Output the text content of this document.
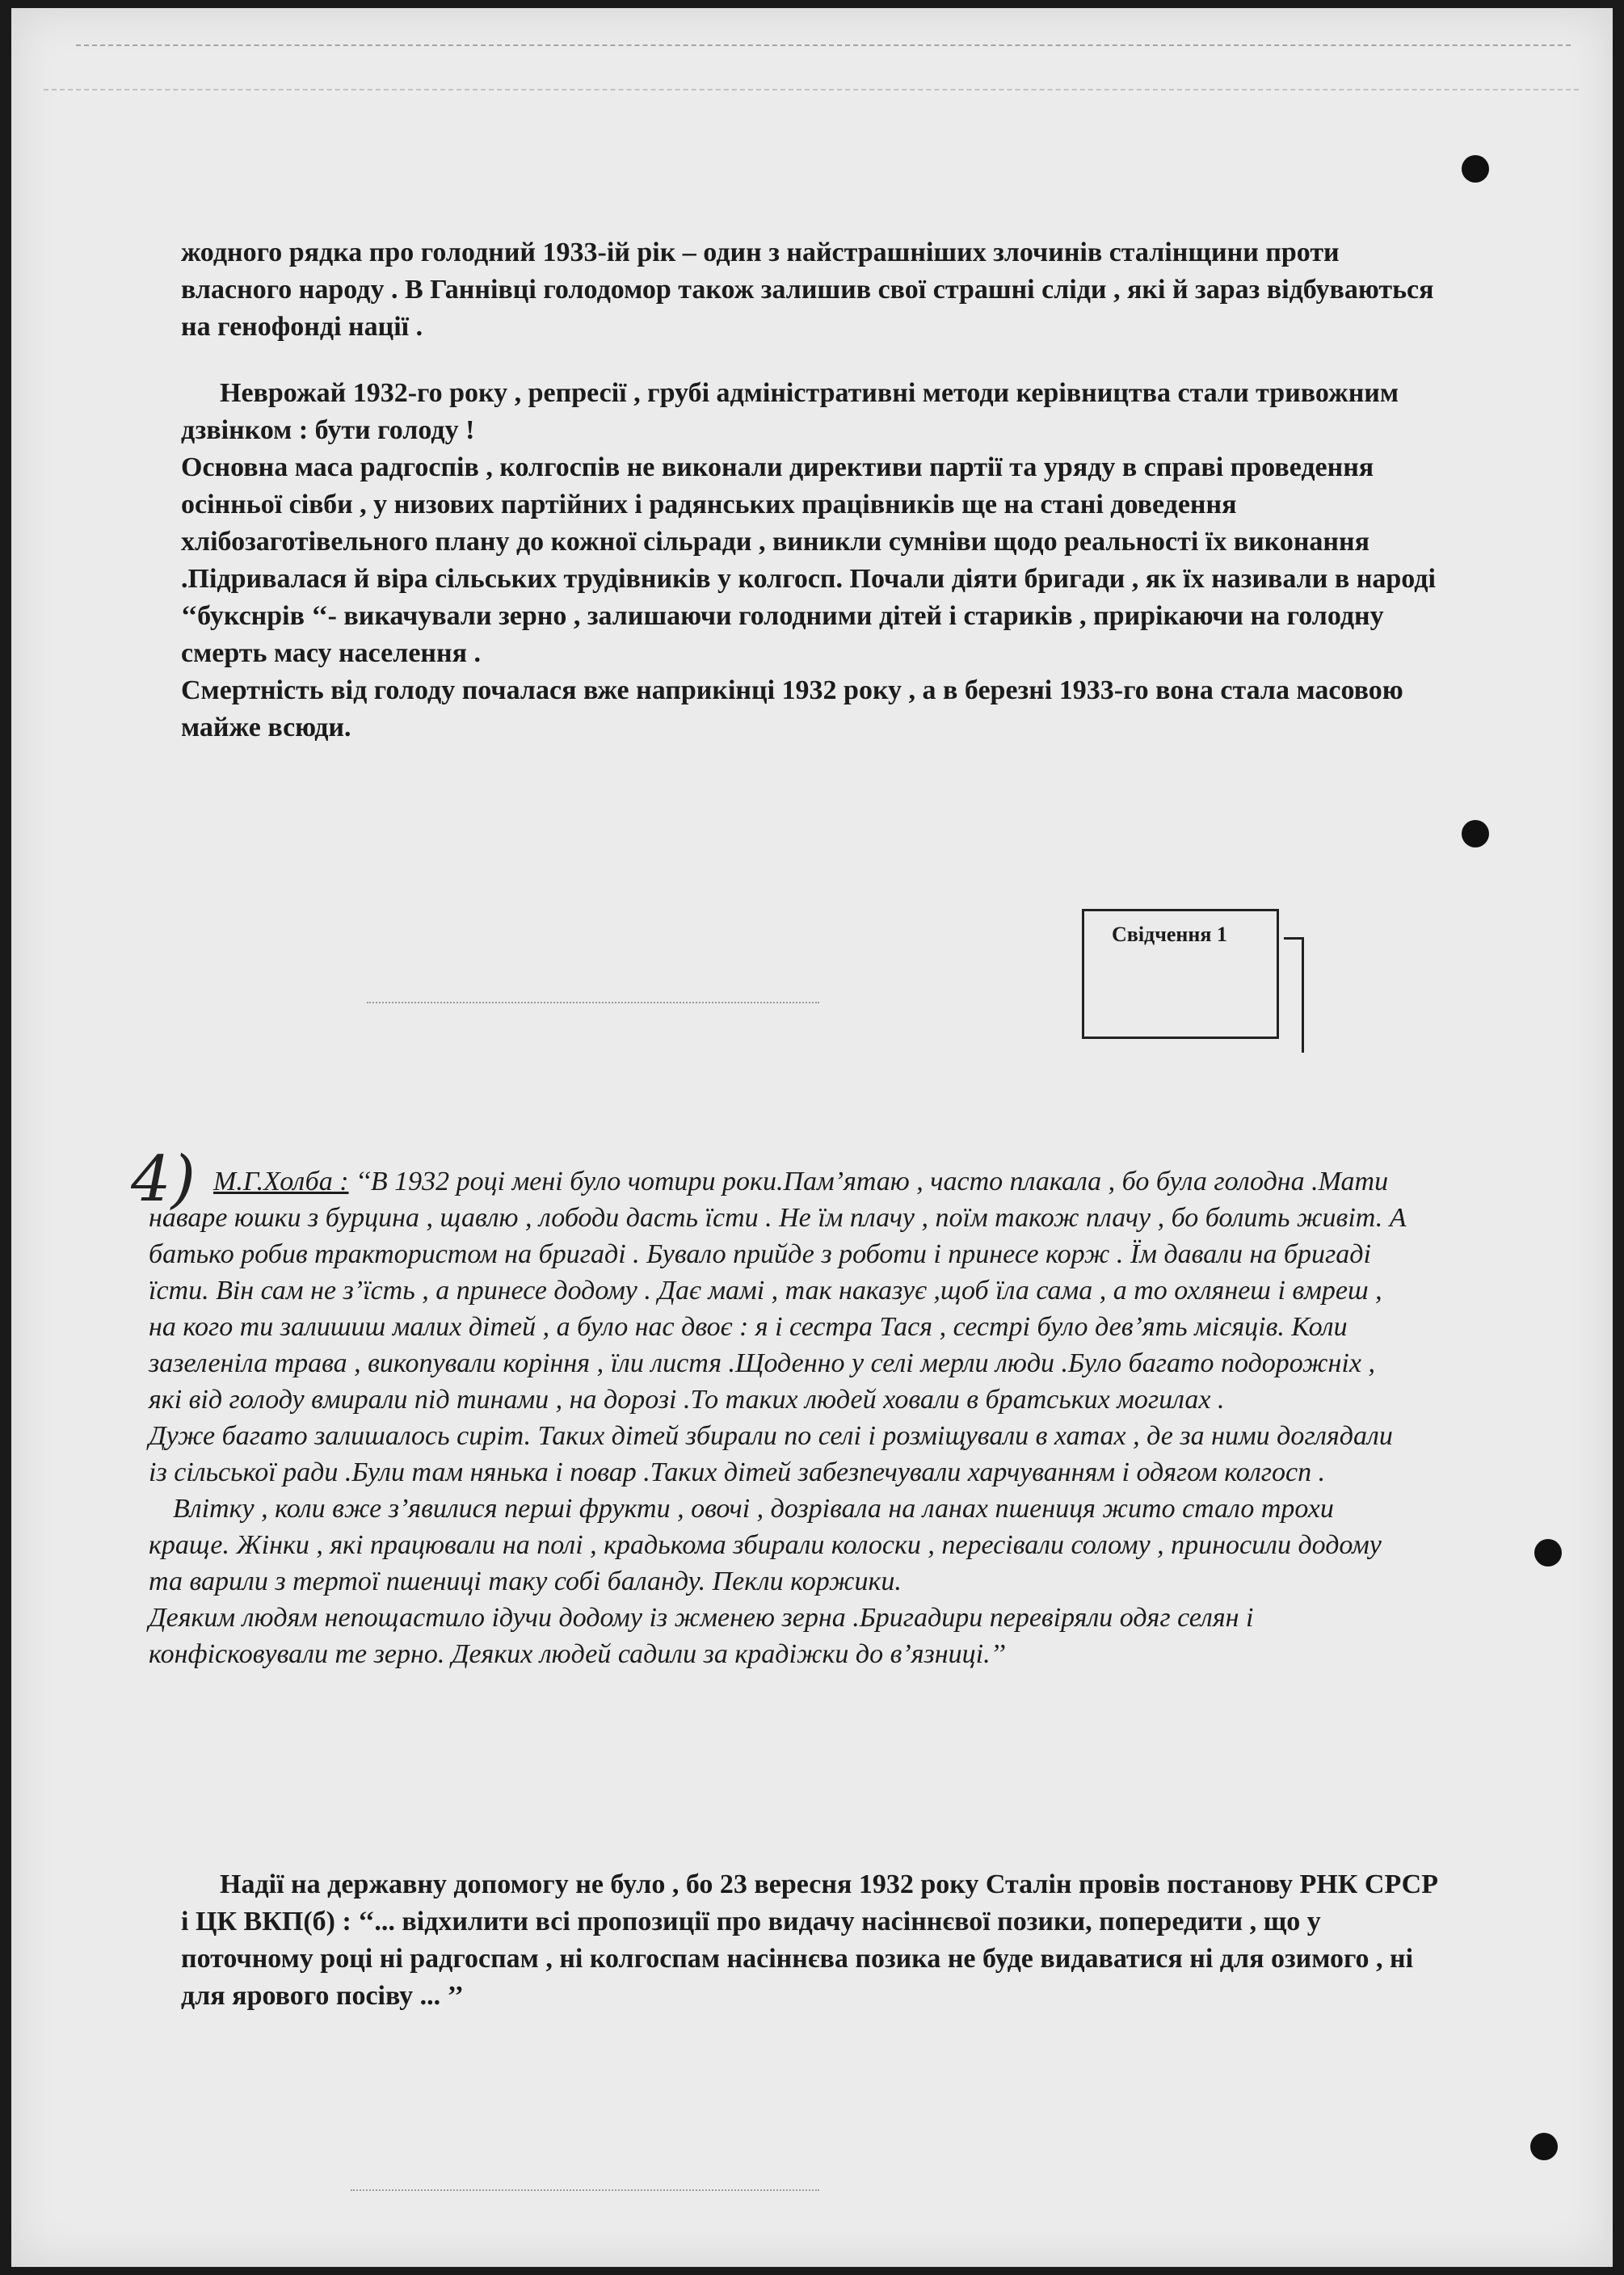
жодного рядка про голодний 1933-ій рік – один з найстрашніших злочинів сталінщини проти власного народу . В Ганнівці голодомор також залишив свої страшні сліди , які й зараз відбуваються на генофонді нації .

Неврожай 1932-го року , репресії , грубі адміністративні методи керівництва стали тривожним дзвінком : бути голоду !

Основна маса радгоспів , колгоспів не виконали директиви партії та уряду в справі проведення осінньої сівби , у низових партійних і радянських працівників ще на стані доведення хлібозаготівельного плану до кожної сільради , виникли сумніви щодо реальності їх виконання .Підривалася й віра сільських трудівників у колгосп. Почали діяти бригади , як їх називали в народі ‘‘букснрів ‘‘- викачували зерно , залишаючи голодними дітей і стариків , прирікаючи на голодну смерть масу населення .

Смертність від голоду почалася вже наприкінці 1932 року , а в березні 1933-го вона стала масовою майже всюди.

Свідчення 1
4) М.Г.Холба : ‘‘В 1932 році мені було чотири роки.Пам’ятаю , часто плакала , бо була голодна .Мати наваре юшки з бурцина , щавлю , лободи дасть їсти . Не їм плачу , поїм також плачу , бо болить живіт. А батько робив трактористом на бригаді . Бувало прийде з роботи і принесе корж . Їм давали на бригаді їсти. Він сам не з’їсть , а принесе додому . Дає мамі , так наказує ,щоб їла сама , а то охлянеш і вмреш , на кого ти залишиш малих дітей , а було нас двоє : я і сестра Тася , сестрі було дев’ять місяців. Коли зазеленіла трава , викопували коріння , їли листя .Щоденно у селі мерли люди .Було багато подорожніх , які від голоду вмирали під тинами , на дорозі .То таких людей ховали в братських могилах .

Дуже багато залишалось сиріт. Таких дітей збирали по селі і розміщували в хатах , де за ними доглядали із сільської ради .Були там нянька і повар .Таких дітей забезпечували харчуванням і одягом колгосп .

Влітку , коли вже з’явилися перші фрукти , овочі , дозрівала на ланах пшениця жито стало трохи краще. Жінки , які працювали на полі , крадькома збирали колоски , пересівали солому , приносили додому та варили з тертої пшениці таку собі баланду. Пекли коржики.

Деяким людям непощастило ідучи додому із жменею зерна .Бригадири перевіряли одяг селян і конфісковували те зерно. Деяких людей садили за крадіжки до в’язниці.’’

Надії на державну допомогу не було , бо 23 вересня 1932 року Сталін провів постанову РНК СРСР і ЦК ВКП(б) : ‘‘... відхилити всі пропозиції про видачу насіннєвої позики, попередити , що у поточному році ні радгоспам , ні колгоспам насіннєва позика не буде видаватися ні для озимого , ні для ярового посіву ... ’’
